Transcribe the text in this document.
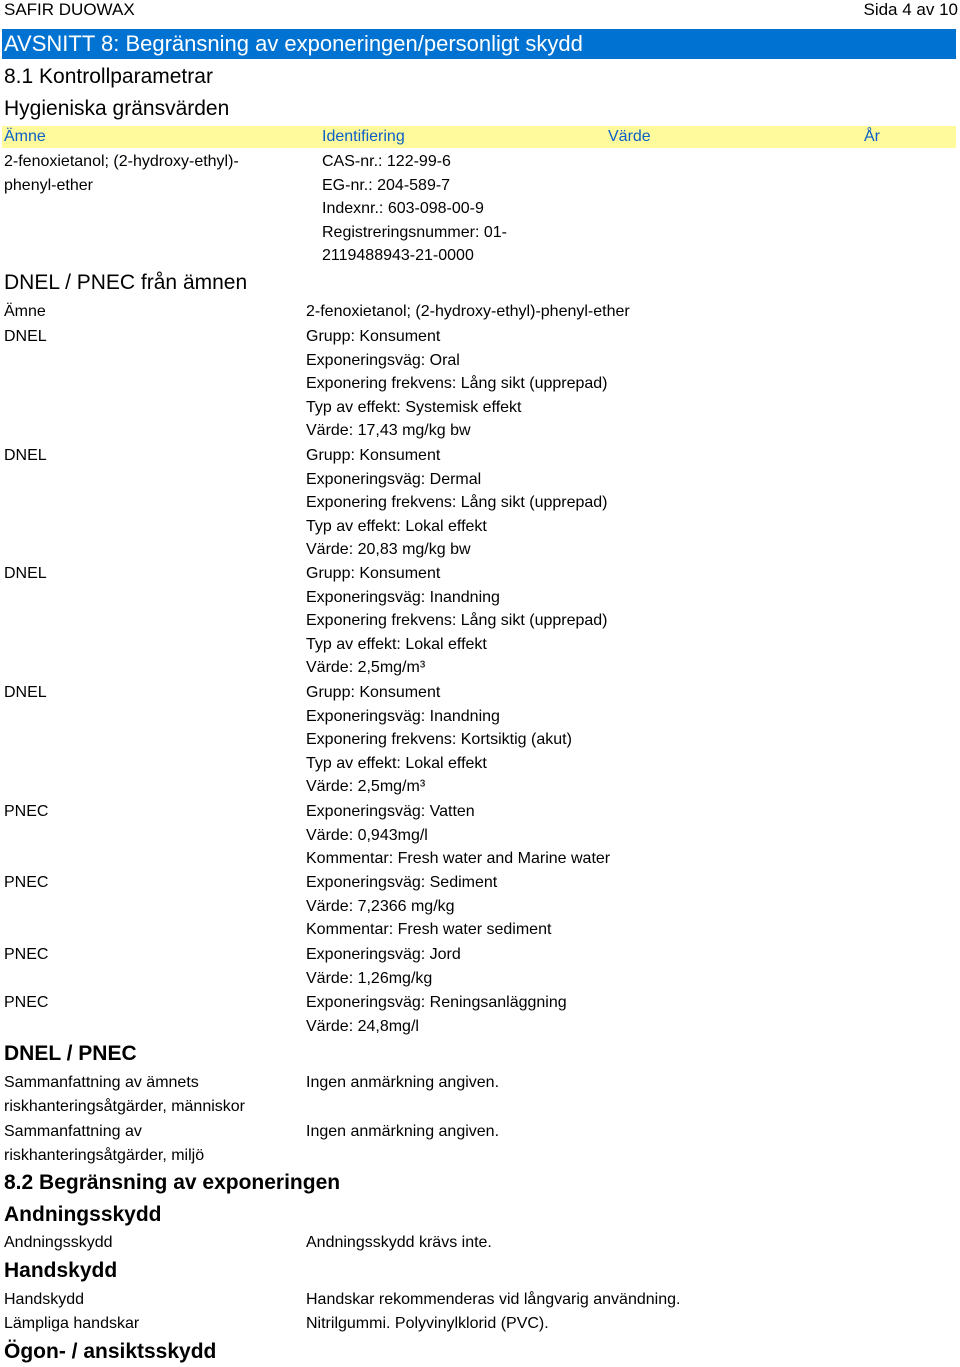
SAFIR DUOWAX	Sida 4 av 10
AVSNITT 8: Begränsning av exponeringen/personligt skydd
8.1 Kontrollparametrar
Hygieniska gränsvärden
Ämne	Identifiering	Värde	År
2-fenoxietanol; (2-hydroxy-ethyl)-
phenyl-ether
CAS-nr.: 122-99-6
EG-nr.: 204-589-7
Indexnr.: 603-098-00-9
Registreringsnummer: 01-
2119488943-21-0000
DNEL / PNEC från ämnen
Ämne	2-fenoxietanol; (2-hydroxy-ethyl)-phenyl-ether
DNEL	Grupp: Konsument
Exponeringsväg: Oral
Exponering frekvens: Lång sikt (upprepad)
Typ av effekt: Systemisk effekt
Värde: 17,43 mg/kg bw
DNEL	Grupp: Konsument
Exponeringsväg: Dermal
Exponering frekvens: Lång sikt (upprepad)
Typ av effekt: Lokal effekt
Värde: 20,83 mg/kg bw
DNEL	Grupp: Konsument
Exponeringsväg: Inandning
Exponering frekvens: Lång sikt (upprepad)
Typ av effekt: Lokal effekt
Värde: 2,5mg/m³
DNEL	Grupp: Konsument
Exponeringsväg: Inandning
Exponering frekvens: Kortsiktig (akut)
Typ av effekt: Lokal effekt
Värde: 2,5mg/m³
PNEC	Exponeringsväg: Vatten
Värde: 0,943mg/l
Kommentar: Fresh water and Marine water
PNEC	Exponeringsväg: Sediment
Värde: 7,2366 mg/kg
Kommentar: Fresh water sediment
PNEC	Exponeringsväg: Jord
Värde: 1,26mg/kg
PNEC	Exponeringsväg: Reningsanläggning
Värde: 24,8mg/l
DNEL / PNEC
Sammanfattning av ämnets
riskhanteringsåtgärder, människor
Ingen anmärkning angiven.
Sammanfattning av
riskhanteringsåtgärder, miljö
Ingen anmärkning angiven.
8.2 Begränsning av exponeringen
Andningsskydd
Andningsskydd	Andningsskydd krävs inte.
Handskydd
Handskydd	Handskar rekommenderas vid långvarig användning.
Lämpliga handskar	Nitrilgummi. Polyvinylklorid (PVC).
Ögon- / ansiktsskydd
